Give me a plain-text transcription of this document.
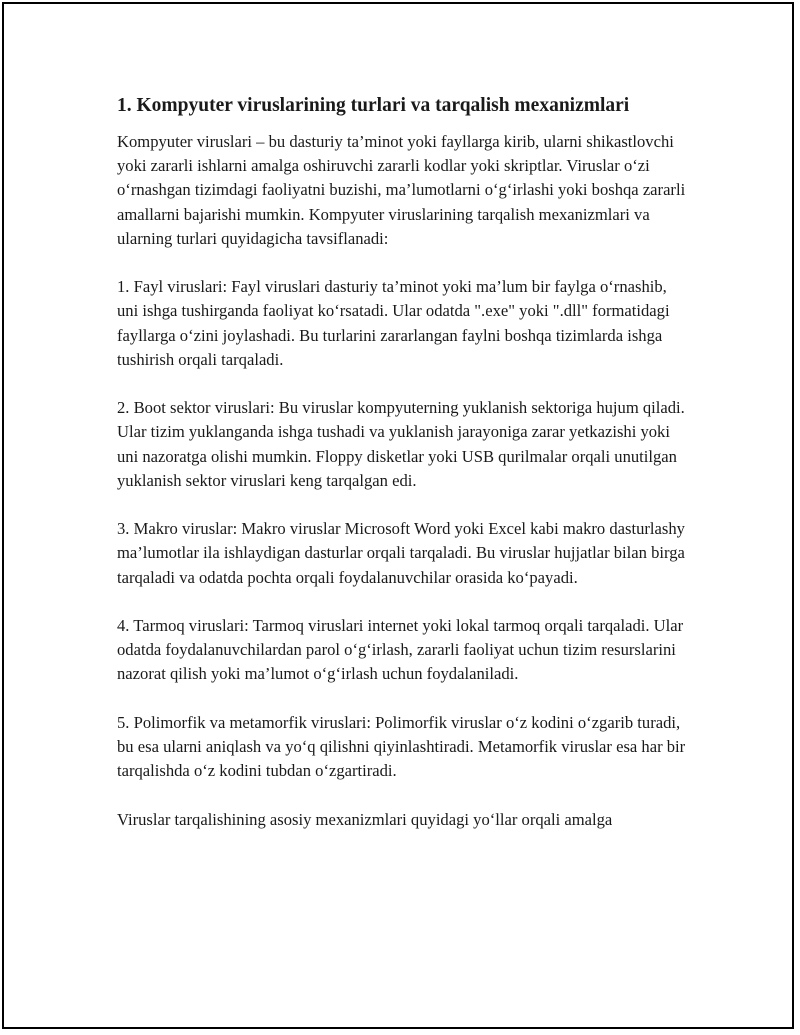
1. Kompyuter viruslarining turlari va tarqalish mexanizmlari

Kompyuter viruslari – bu dasturiy ta’minot yoki fayllarga kirib, ularni shikastlovchi yoki zararli ishlarni amalga oshiruvchi zararli kodlar yoki skriptlar. Viruslar o‘zi o‘rnashgan tizimdagi faoliyatni buzishi, ma’lumotlarni o‘g‘irlashi yoki boshqa zararli amallarni bajarishi mumkin. Kompyuter viruslarining tarqalish mexanizmlari va ularning turlari quyidagicha tavsiflanadi:

1. Fayl viruslari: Fayl viruslari dasturiy ta’minot yoki ma’lum bir faylga o‘rnashib, uni ishga tushirganda faoliyat ko‘rsatadi. Ular odatda ".exe" yoki ".dll" formatidagi fayllarga o‘zini joylashadi. Bu turlarini zararlangan faylni boshqa tizimlarda ishga tushirish orqali tarqaladi.

2. Boot sektor viruslari: Bu viruslar kompyuterning yuklanish sektoriga hujum qiladi. Ular tizim yuklanganda ishga tushadi va yuklanish jarayoniga zarar yetkazishi yoki uni nazoratga olishi mumkin. Floppy disketlar yoki USB qurilmalar orqali unutilgan yuklanish sektor viruslari keng tarqalgan edi.

3. Makro viruslar: Makro viruslar Microsoft Word yoki Excel kabi makro dasturlashy ma’lumotlar ila ishlaydigan dasturlar orqali tarqaladi. Bu viruslar hujjatlar bilan birga tarqaladi va odatda pochta orqali foydalanuvchilar orasida ko‘payadi.

4. Tarmoq viruslari: Tarmoq viruslari internet yoki lokal tarmoq orqali tarqaladi. Ular odatda foydalanuvchilardan parol o‘g‘irlash, zararli faoliyat uchun tizim resurslarini nazorat qilish yoki ma’lumot o‘g‘irlash uchun foydalaniladi.

5. Polimorfik va metamorfik viruslari: Polimorfik viruslar o‘z kodini o‘zgarib turadi, bu esa ularni aniqlash va yo‘q qilishni qiyinlashtiradi. Metamorfik viruslar esa har bir tarqalishda o‘z kodini tubdan o‘zgartiradi.

Viruslar tarqalishining asosiy mexanizmlari quyidagi yo‘llar orqali amalga
